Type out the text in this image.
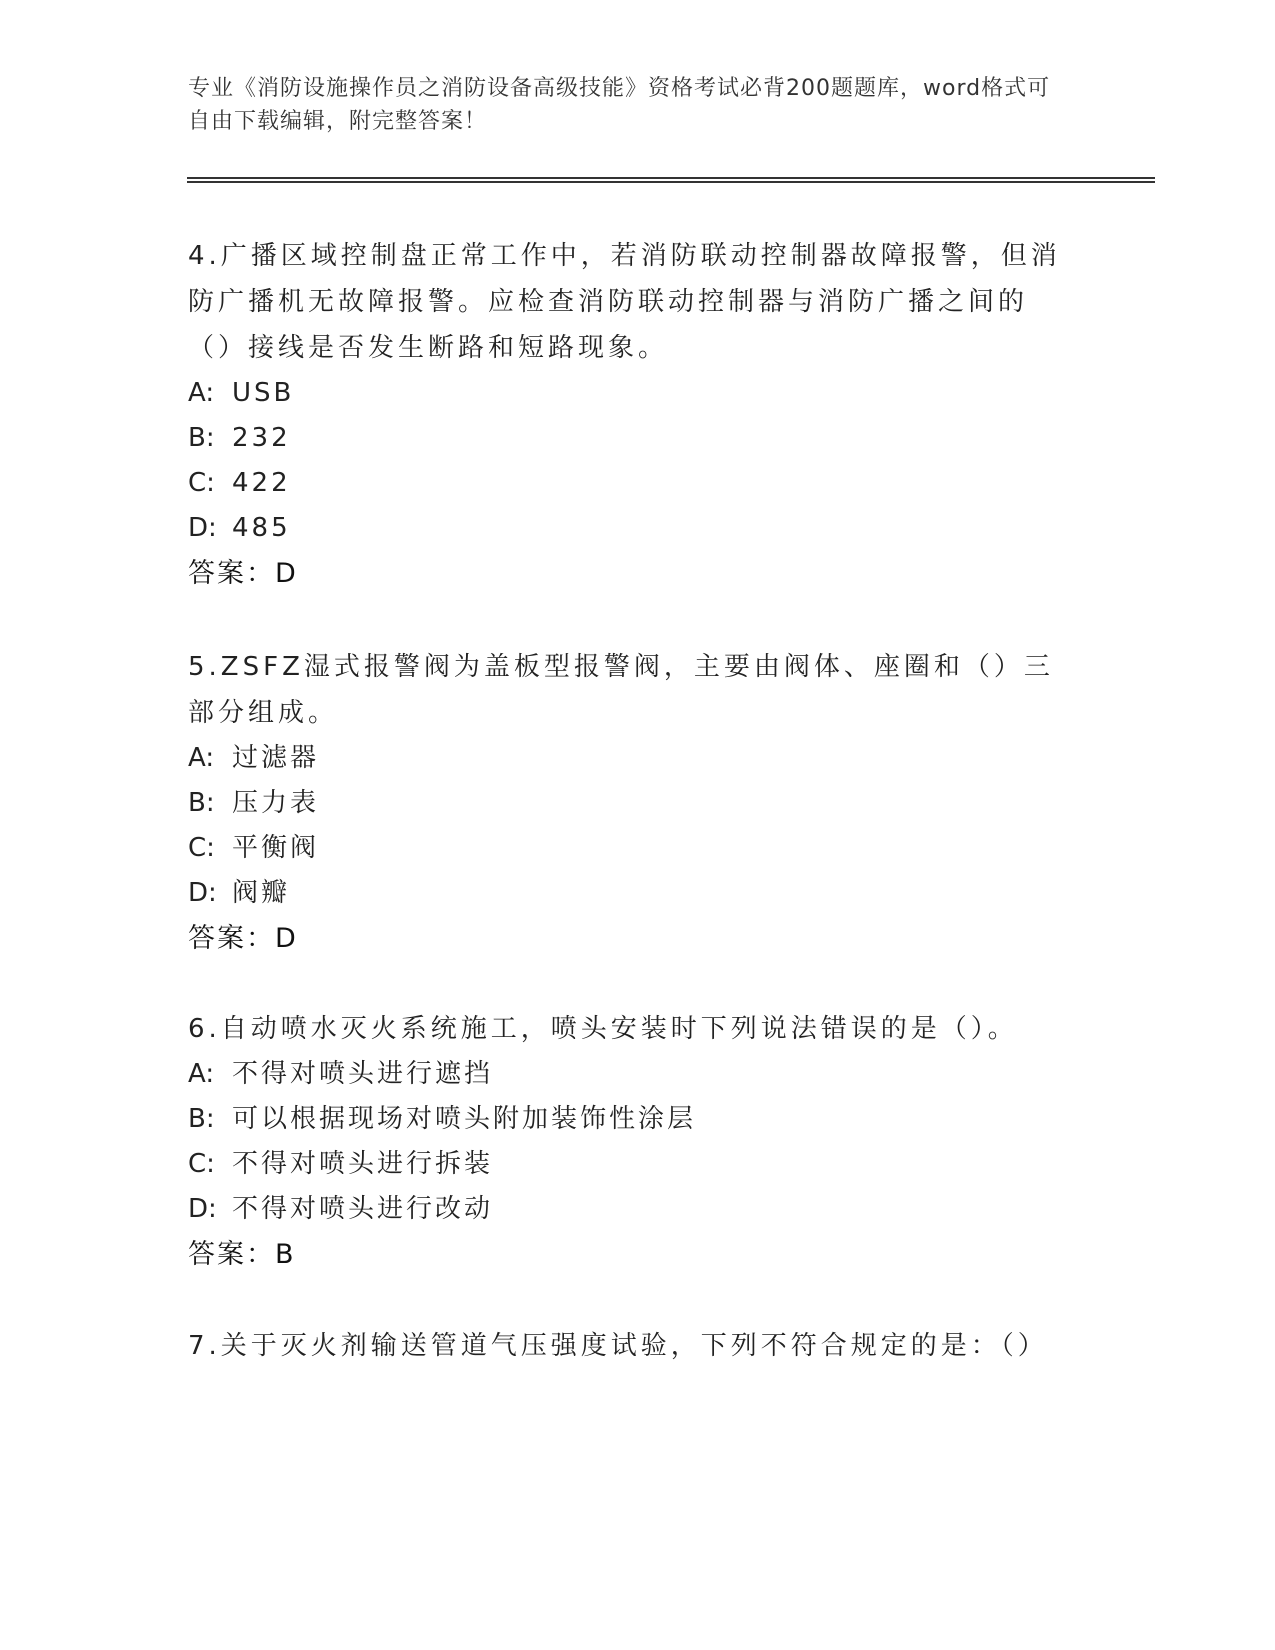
专业《消防设施操作员之消防设备高级技能》资格考试必背200题题库，word格式可自由下载编辑，附完整答案！

4.广播区域控制盘正常工作中，若消防联动控制器故障报警，但消防广播机无故障报警。应检查消防联动控制器与消防广播之间的（）接线是否发生断路和短路现象。

A: USB

B: 232

C: 422

D: 485

答案：D

5.ZSFZ湿式报警阀为盖板型报警阀，主要由阀体、座圈和（）三部分组成。

A: 过滤器

B: 压力表

C: 平衡阀

D: 阀瓣

答案：D

6.自动喷水灭火系统施工，喷头安装时下列说法错误的是（）。

A: 不得对喷头进行遮挡

B: 可以根据现场对喷头附加装饰性涂层

C: 不得对喷头进行拆装

D: 不得对喷头进行改动

答案：B

7.关于灭火剂输送管道气压强度试验，下列不符合规定的是：（）
